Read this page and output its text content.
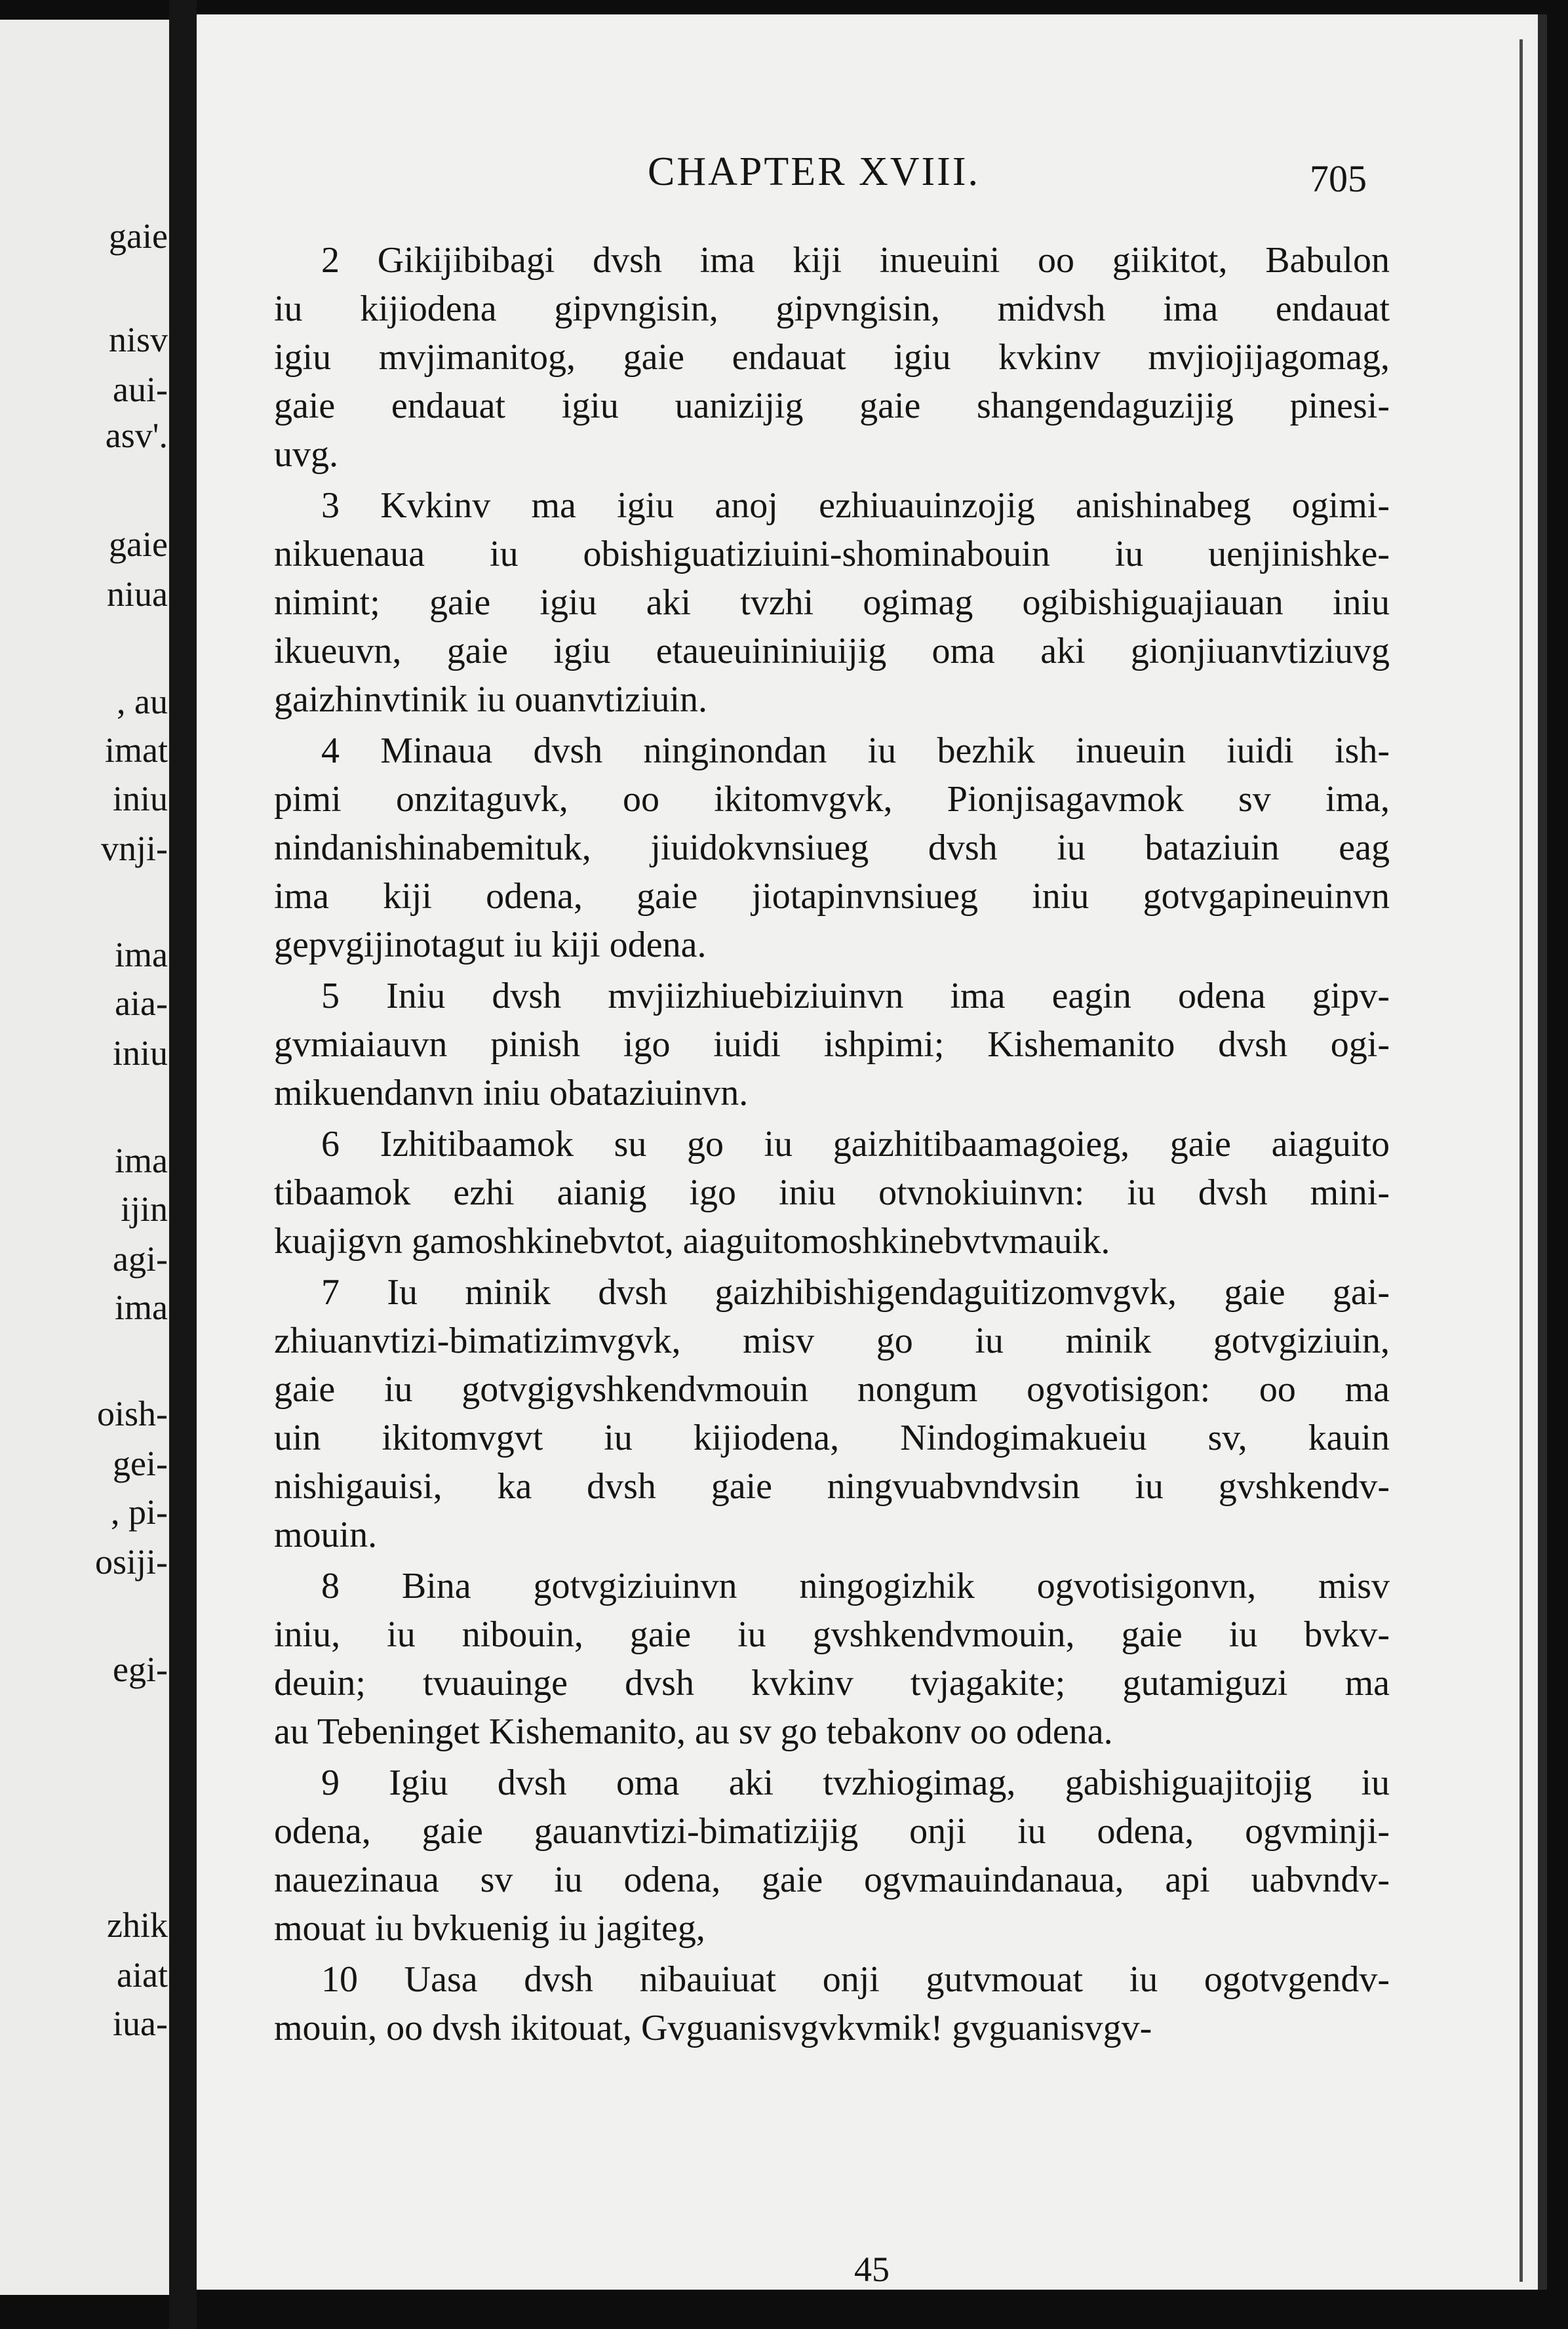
gaie

nisv

aui-

asv'.

gaie

niua

, au

imat

iniu

vnji-

ima

aia-

iniu

ima

ijin

agi-

ima

oish-

gei-

, pi-

osiji-

egi-

zhik

aiat

iua-

CHAPTER XVIII.	705
2 Gikijibibagi dvsh ima kiji inueuini oo giikitot, Babulon
iu kijiodena gipvngisin, gipvngisin, midvsh ima endauat
igiu mvjimanitog, gaie endauat igiu kvkinv mvjiojijagomag,
gaie endauat igiu uanizijig gaie shangendaguzijig pinesi-
uvg.
3 Kvkinv ma igiu anoj ezhiuauinzojig anishinabeg ogimi-
nikuenaua iu obishiguatiziuini-shominabouin iu uenjinishke-
nimint; gaie igiu aki tvzhi ogimag ogibishiguajiauan iniu
ikueuvn, gaie igiu etaueuininiuijig oma aki gionjiuanvtiziuvg
gaizhinvtinik iu ouanvtiziuin.
4 Minaua dvsh ninginondan iu bezhik inueuin iuidi ish-
pimi onzitaguvk, oo ikitomvgvk, Pionjisagavmok sv ima,
nindanishinabemituk, jiuidokvnsiueg dvsh iu bataziuin eag
ima kiji odena, gaie jiotapinvnsiueg iniu gotvgapineuinvn
gepvgijinotagut iu kiji odena.
5 Iniu dvsh mvjiizhiuebiziuinvn ima eagin odena gipv-
gvmiaiauvn pinish igo iuidi ishpimi; Kishemanito dvsh ogi-
mikuendanvn iniu obataziuinvn.
6 Izhitibaamok su go iu gaizhitibaamagoieg, gaie aiaguito
tibaamok ezhi aianig igo iniu otvnokiuinvn: iu dvsh mini-
kuajigvn gamoshkinebvtot, aiaguitomoshkinebvtvmauik.
7 Iu minik dvsh gaizhibishigendaguitizomvgvk, gaie gai-
zhiuanvtizi-bimatizimvgvk, misv go iu minik gotvgiziuin,
gaie iu gotvgigvshkendvmouin nongum ogvotisigon: oo ma
uin ikitomvgvt iu kijiodena, Nindogimakueiu sv, kauin
nishigauisi, ka dvsh gaie ningvuabvndvsin iu gvshkendv-
mouin.
8 Bina gotvgiziuinvn ningogizhik ogvotisigonvn, misv
iniu, iu nibouin, gaie iu gvshkendvmouin, gaie iu bvkv-
deuin; tvuauinge dvsh kvkinv tvjagakite; gutamiguzi ma
au Tebeninget Kishemanito, au sv go tebakonv oo odena.
9 Igiu dvsh oma aki tvzhiogimag, gabishiguajitojig iu
odena, gaie gauanvtizi-bimatizijig onji iu odena, ogvminji-
nauezinaua sv iu odena, gaie ogvmauindanaua, api uabvndv-
mouat iu bvkuenig iu jagiteg,
10 Uasa dvsh nibauiuat onji gutvmouat iu ogotvgendv-
mouin, oo dvsh ikitouat, Gvguanisvgvkvmik! gvguanisvgv-

45
